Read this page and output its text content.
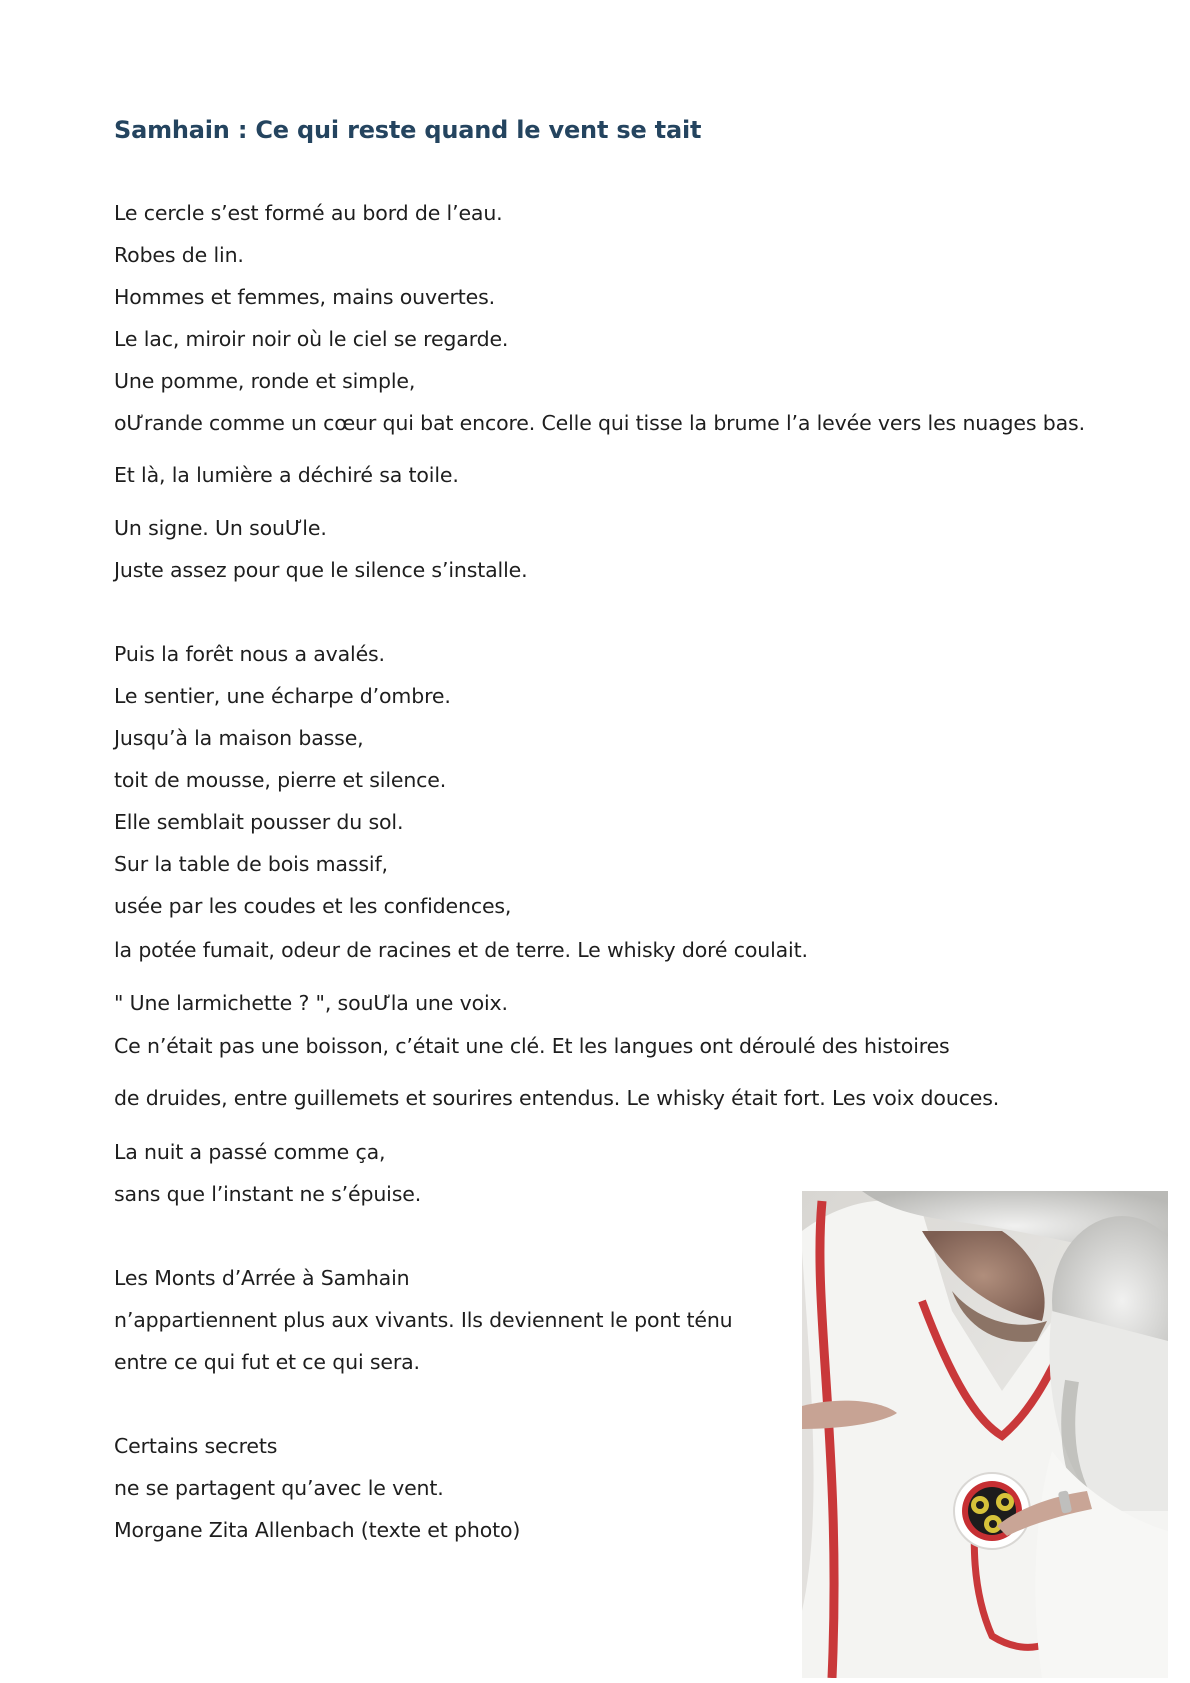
Samhain : Ce qui reste quand le vent se tait

Le cercle s’est formé au bord de l’eau.

Robes de lin.

Hommes et femmes, mains ouvertes.

Le lac, miroir noir où le ciel se regarde.

Une pomme, ronde et simple,

oƯrande comme un cœur qui bat encore. Celle qui tisse la brume l’a levée vers les nuages bas.

Et là, la lumière a déchiré sa toile.

Un signe. Un souƯle.

Juste assez pour que le silence s’installe.

Puis la forêt nous a avalés.

Le sentier, une écharpe d’ombre.

Jusqu’à la maison basse,

toit de mousse, pierre et silence.

Elle semblait pousser du sol.

Sur la table de bois massif,

usée par les coudes et les confidences,

la potée fumait, odeur de racines et de terre. Le whisky doré coulait.

" Une larmichette ? ", souƯla une voix.

Ce n’était pas une boisson, c’était une clé. Et les langues ont déroulé des histoires

de druides, entre guillemets et sourires entendus. Le whisky était fort. Les voix douces.

La nuit a passé comme ça,

sans que l’instant ne s’épuise.

Les Monts d’Arrée à Samhain

n’appartiennent plus aux vivants. Ils deviennent le pont ténu

entre ce qui fut et ce qui sera.

Certains secrets

ne se partagent qu’avec le vent.

Morgane Zita Allenbach (texte et photo)
